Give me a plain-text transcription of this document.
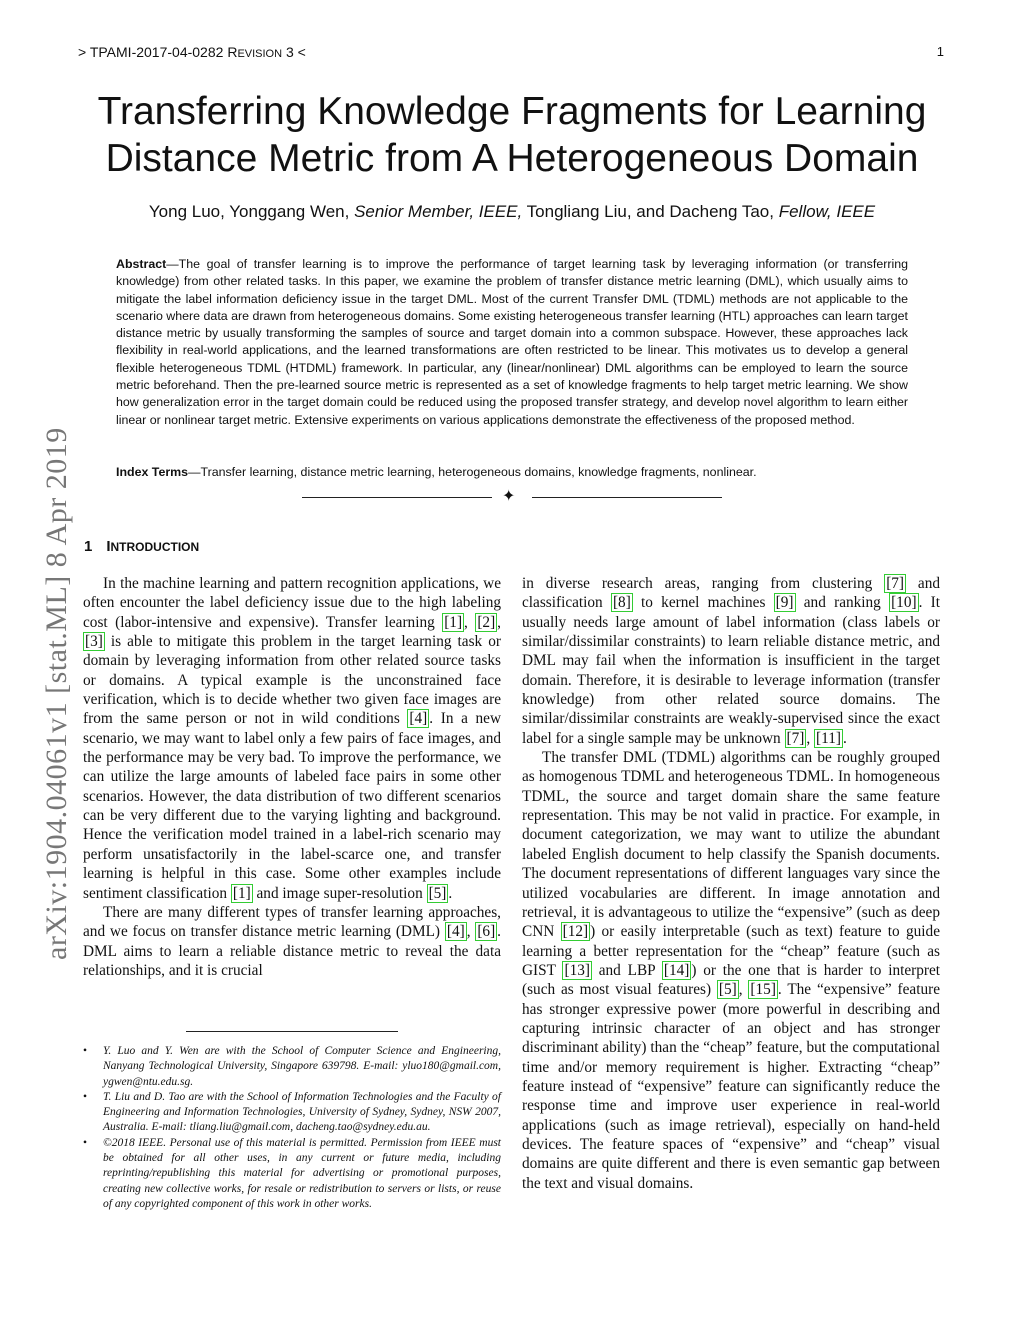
> TPAMI-2017-04-0282 REVISION 3 <	1
arXiv:1904.04061v1 [stat.ML] 8 Apr 2019
Transferring Knowledge Fragments for Learning
Distance Metric from A Heterogeneous Domain
Yong Luo, Yonggang Wen, Senior Member, IEEE, Tongliang Liu, and Dacheng Tao, Fellow, IEEE

Abstract—The goal of transfer learning is to improve the performance of target learning task by leveraging information (or transferring knowledge) from other related tasks. In this paper, we examine the problem of transfer distance metric learning (DML), which usually aims to mitigate the label information deficiency issue in the target DML. Most of the current Transfer DML (TDML) methods are not applicable to the scenario where data are drawn from heterogeneous domains. Some existing heterogeneous transfer learning (HTL) approaches can learn target distance metric by usually transforming the samples of source and target domain into a common subspace. However, these approaches lack flexibility in real-world applications, and the learned transformations are often restricted to be linear. This motivates us to develop a general flexible heterogeneous TDML (HTDML) framework. In particular, any (linear/nonlinear) DML algorithms can be employed to learn the source metric beforehand. Then the pre-learned source metric is represented as a set of knowledge fragments to help target metric learning. We show how generalization error in the target domain could be reduced using the proposed transfer strategy, and develop novel algorithm to learn either linear or nonlinear target metric. Extensive experiments on various applications demonstrate the effectiveness of the proposed method.

Index Terms—Transfer learning, distance metric learning, heterogeneous domains, knowledge fragments, nonlinear.

✦
1 INTRODUCTION

In the machine learning and pattern recognition applications, we often encounter the label deficiency issue due to the high labeling cost (labor-intensive and expensive). Transfer learning [1] , [2] , [3] is able to mitigate this problem in the target learning task or domain by leveraging information from other related source tasks or domains. A typical example is the unconstrained face verification, which is to decide whether two given face images are from the same person or not in wild conditions [4] . In a new scenario, we may want to label only a few pairs of face images, and the performance may be very bad. To improve the performance, we can utilize the large amounts of labeled face pairs in some other scenarios. However, the data distribution of two different scenarios can be very different due to the varying lighting and background. Hence the verification model trained in a label-rich scenario may perform unsatisfactorily in the label-scarce one, and transfer learning is helpful in this case. Some other examples include sentiment classification [1] and image super-resolution [5] .

There are many different types of transfer learning approaches, and we focus on transfer distance metric learning (DML) [4] , [6] . DML aims to learn a reliable distance metric to reveal the data relationships, and it is crucial

in diverse research areas, ranging from clustering [7] and classification [8] to kernel machines [9] and ranking [10] . It usually needs large amount of label information (class labels or similar/dissimilar constraints) to learn reliable distance metric, and DML may fail when the information is insufficient in the target domain. Therefore, it is desirable to leverage information (transfer knowledge) from other related source domains. The similar/dissimilar constraints are weakly-supervised since the exact label for a single sample may be unknown [7] , [11] .

The transfer DML (TDML) algorithms can be roughly grouped as homogenous TDML and heterogeneous TDML. In homogeneous TDML, the source and target domain share the same feature representation. This may be not valid in practice. For example, in document categorization, we may want to utilize the abundant labeled English document to help classify the Spanish documents. The document representations of different languages vary since the utilized vocabularies are different. In image annotation and retrieval, it is advantageous to utilize the “expensive” (such as deep CNN [12] ) or easily interpretable (such as text) feature to guide learning a better representation for the “cheap” feature (such as GIST [13] and LBP [14] ) or the one that is harder to interpret (such as most visual features) [5] , [15] . The “expensive” feature has stronger expressive power (more powerful in describing and capturing intrinsic character of an object and has stronger discriminant ability) than the “cheap” feature, but the computational time and/or memory requirement is higher. Extracting “cheap” feature instead of “expensive” feature can significantly reduce the response time and improve user experience in real-world applications (such as image retrieval), especially on hand-held devices. The feature spaces of “expensive” and “cheap” visual domains are quite different and there is even semantic gap between the text and visual domains.

• Y. Luo and Y. Wen are with the School of Computer Science and Engineering, Nanyang Technological University, Singapore 639798. E-mail: yluo180@gmail.com, ygwen@ntu.edu.sg.
• T. Liu and D. Tao are with the School of Information Technologies and the Faculty of Engineering and Information Technologies, University of Sydney, Sydney, NSW 2007, Australia. E-mail: tliang.liu@gmail.com, dacheng.tao@sydney.edu.au.
• ©2018 IEEE. Personal use of this material is permitted. Permission from IEEE must be obtained for all other uses, in any current or future media, including reprinting/republishing this material for advertising or promotional purposes, creating new collective works, for resale or redistribution to servers or lists, or reuse of any copyrighted component of this work in other works.
